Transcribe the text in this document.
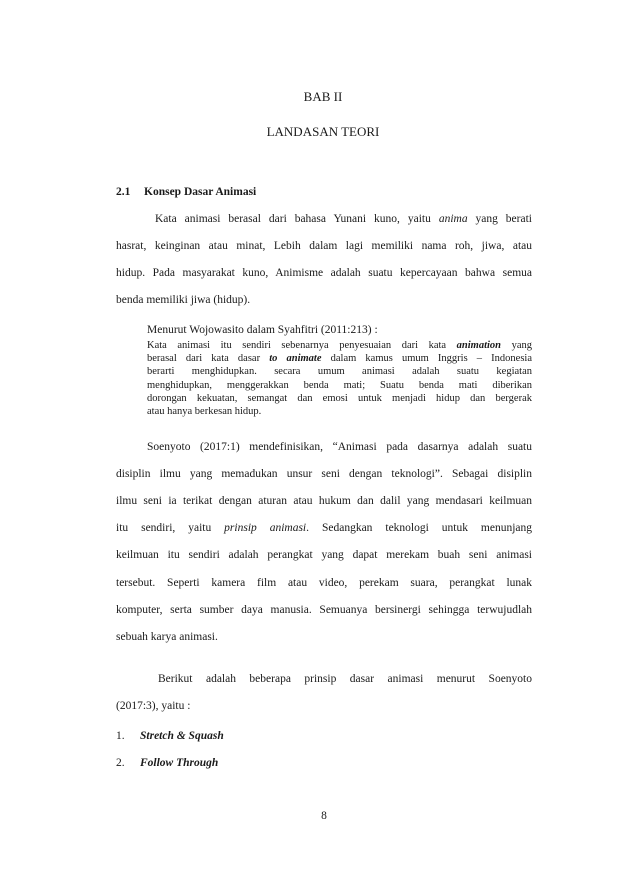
BAB II
LANDASAN TEORI
2.1 Konsep Dasar Animasi
Kata animasi berasal dari bahasa Yunani kuno, yaitu anima yang berati
hasrat, keinginan atau minat, Lebih dalam lagi memiliki nama roh, jiwa, atau
hidup. Pada masyarakat kuno, Animisme adalah suatu kepercayaan bahwa semua
benda memiliki jiwa (hidup).
Menurut Wojowasito dalam Syahfitri (2011:213) :
Kata animasi itu sendiri sebenarnya penyesuaian dari kata animation yang
berasal dari kata dasar to animate dalam kamus umum Inggris – Indonesia
berarti menghidupkan. secara umum animasi adalah suatu kegiatan
menghidupkan, menggerakkan benda mati; Suatu benda mati diberikan
dorongan kekuatan, semangat dan emosi untuk menjadi hidup dan bergerak
atau hanya berkesan hidup.
Soenyoto (2017:1) mendefinisikan, “Animasi pada dasarnya adalah suatu
disiplin ilmu yang memadukan unsur seni dengan teknologi”. Sebagai disiplin
ilmu seni ia terikat dengan aturan atau hukum dan dalil yang mendasari keilmuan
itu sendiri, yaitu prinsip animasi. Sedangkan teknologi untuk menunjang
keilmuan itu sendiri adalah perangkat yang dapat merekam buah seni animasi
tersebut. Seperti kamera film atau video, perekam suara, perangkat lunak
komputer, serta sumber daya manusia. Semuanya bersinergi sehingga terwujudlah
sebuah karya animasi.
Berikut adalah beberapa prinsip dasar animasi menurut Soenyoto
(2017:3), yaitu :
1. Stretch & Squash
2. Follow Through
8
